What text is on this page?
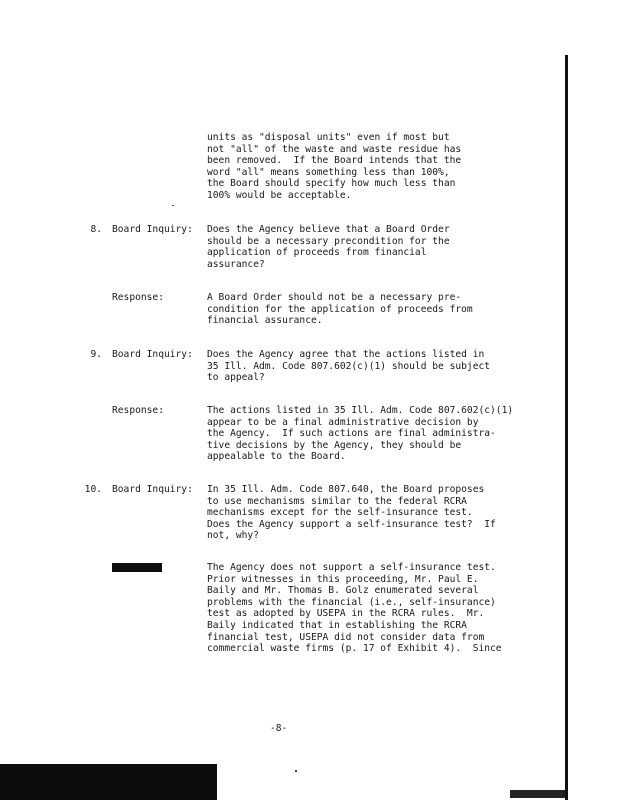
units as "disposal units" even if most but
not "all" of the waste and waste residue has
been removed.  If the Board intends that the
word "all" means something less than 100%,
the Board should specify how much less than
100% would be acceptable.
8. Board Inquiry: Does the Agency believe that a Board Order
should be a necessary precondition for the
application of proceeds from financial
assurance?
Response:	A Board Order should not be a necessary pre-
condition for the application of proceeds from
financial assurance.
9. Board Inquiry: Does the Agency agree that the actions listed in
35 Ill. Adm. Code 807.602(c)(1) should be subject
to appeal?
Response:	The actions listed in 35 Ill. Adm. Code 807.602(c)(1)
appear to be a final administrative decision by
the Agency.  If such actions are final administra-
tive decisions by the Agency, they should be
appealable to the Board.
10. Board Inquiry: In 35 Ill. Adm. Code 807.640, the Board proposes
to use mechanisms similar to the federal RCRA
mechanisms except for the self-insurance test.
Does the Agency support a self-insurance test?  If
not, why?
The Agency does not support a self-insurance test.
Prior witnesses in this proceeding, Mr. Paul E.
Baily and Mr. Thomas B. Golz enumerated several
problems with the financial (i.e., self-insurance)
test as adopted by USEPA in the RCRA rules.  Mr.
Baily indicated that in establishing the RCRA
financial test, USEPA did not consider data from
commercial waste firms (p. 17 of Exhibit 4).  Since
-8-
